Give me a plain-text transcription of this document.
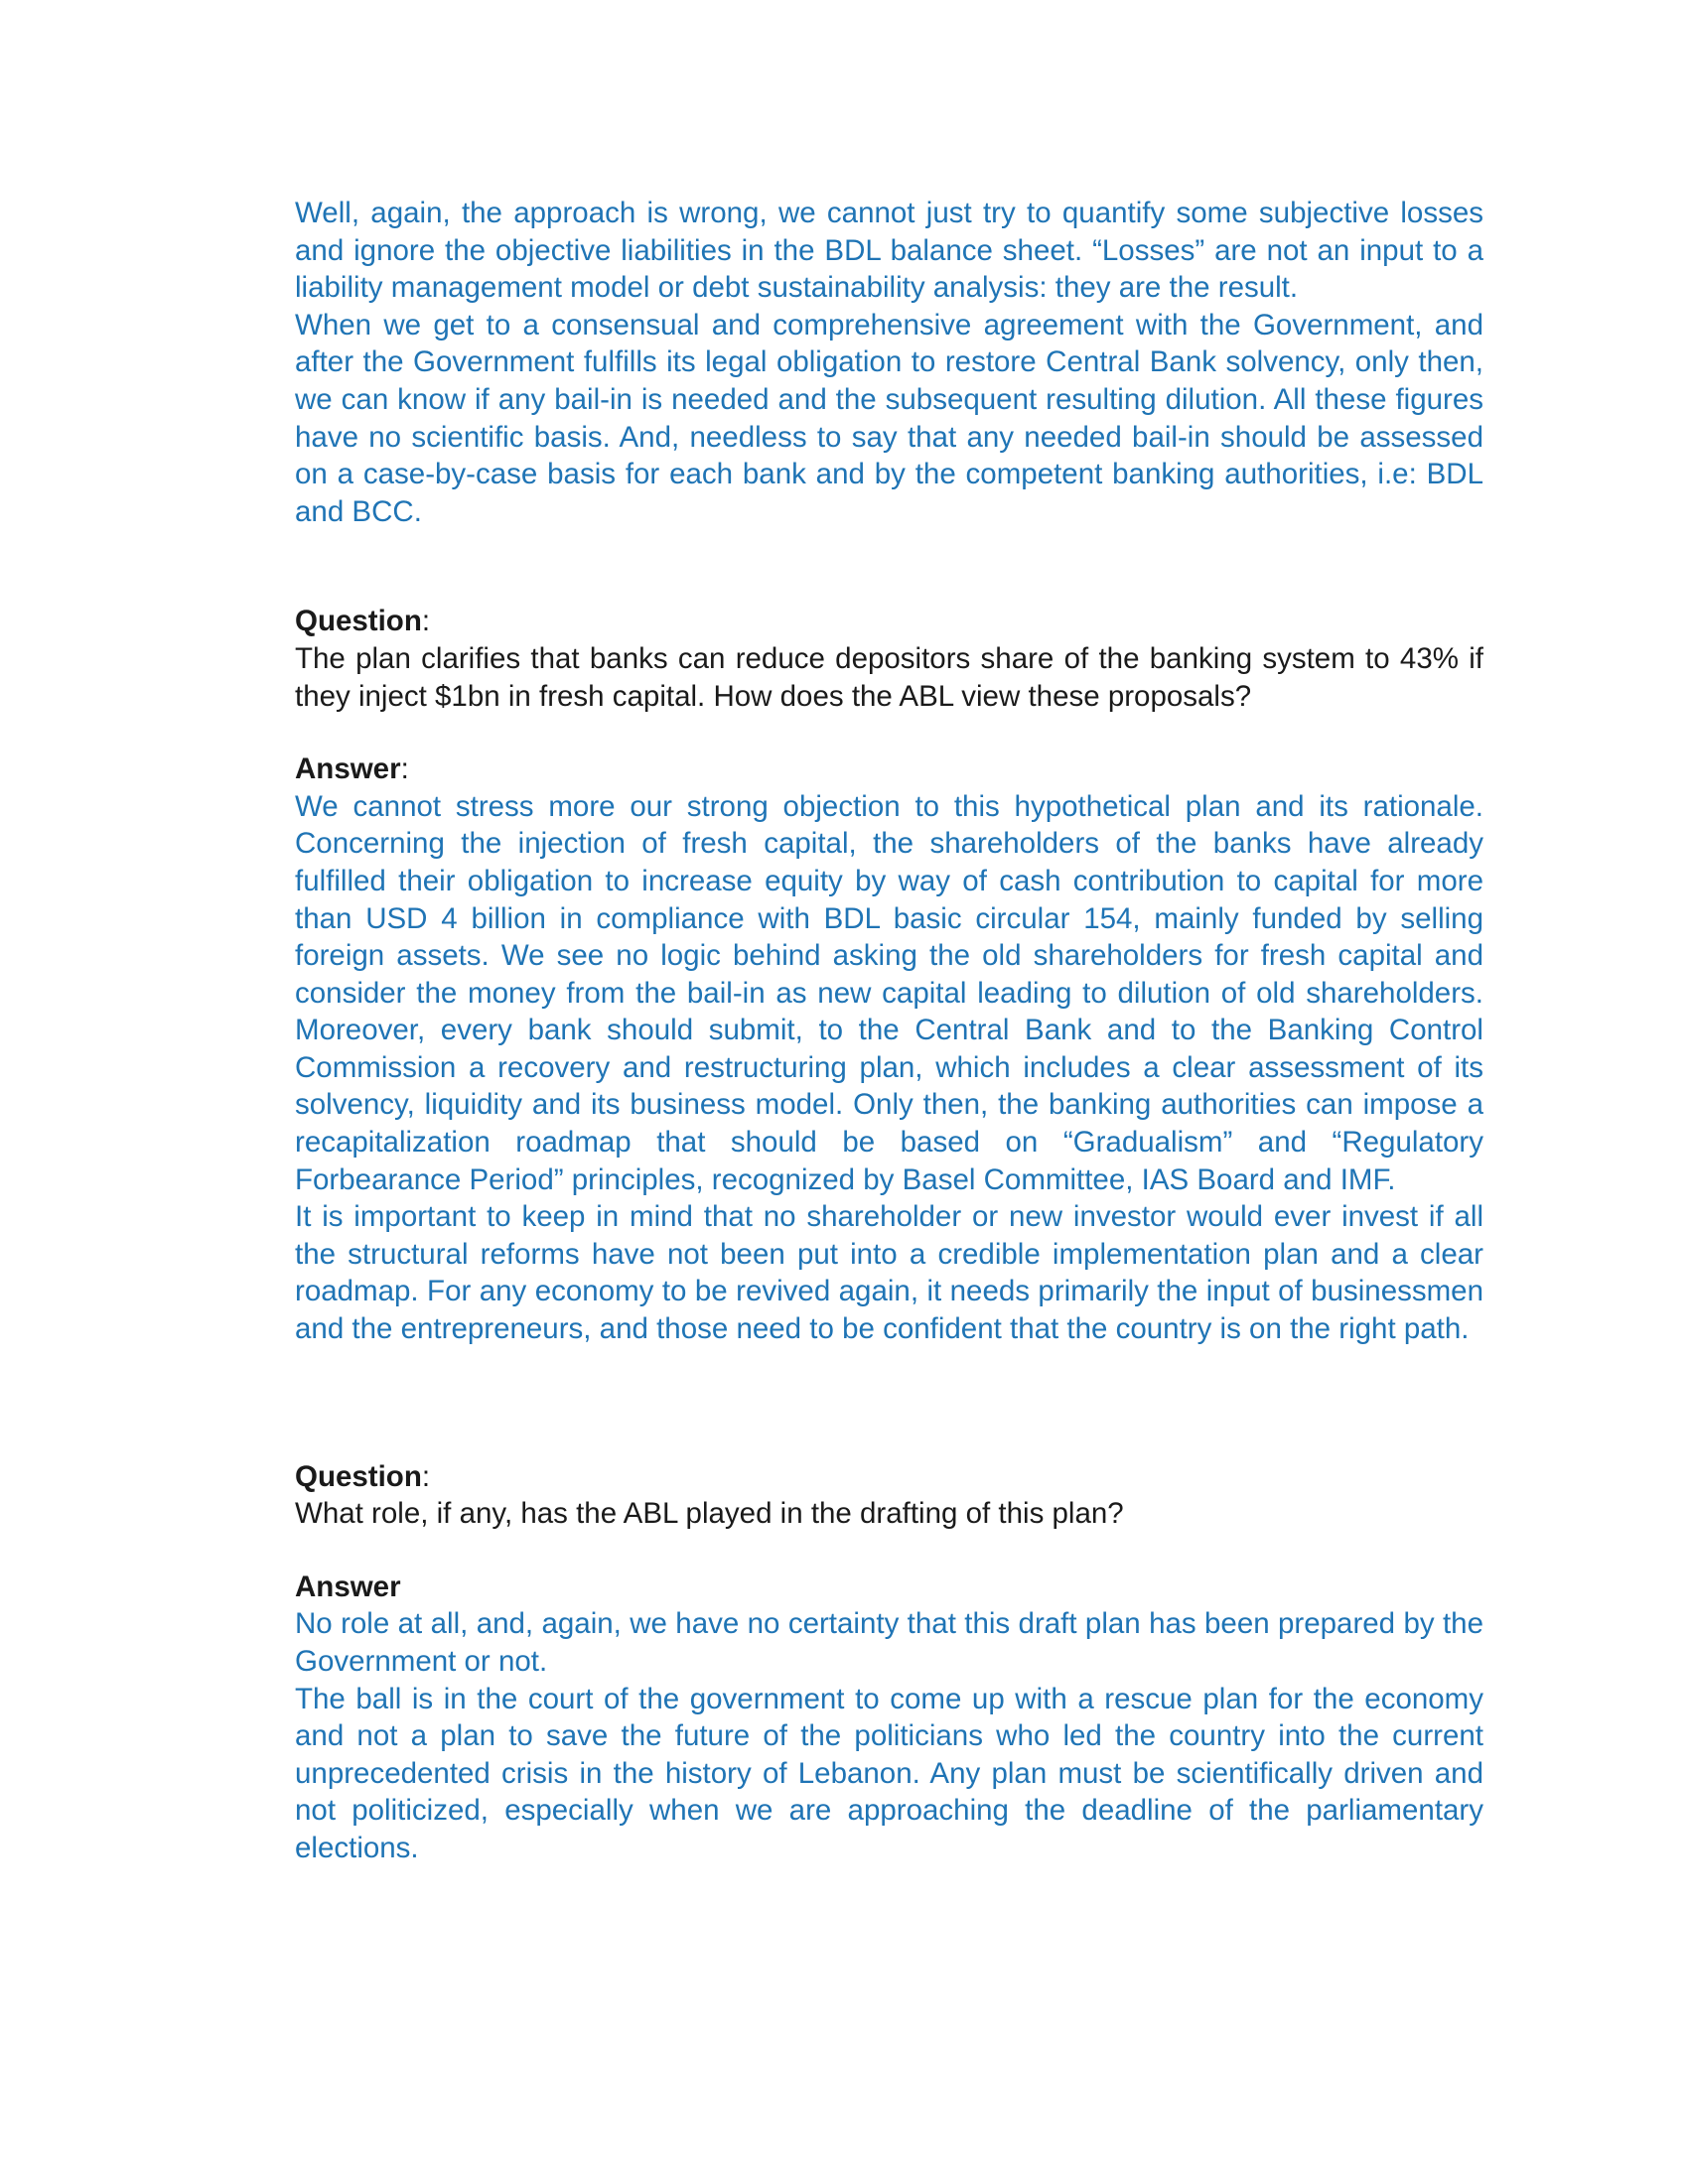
Well, again, the approach is wrong, we cannot just try to quantify some subjective losses and ignore the objective liabilities in the BDL balance sheet. “Losses” are not an input to a liability management model or debt sustainability analysis: they are the result.

When we get to a consensual and comprehensive agreement with the Government, and after the Government fulfills its legal obligation to restore Central Bank solvency, only then, we can know if any bail-in is needed and the subsequent resulting dilution. All these figures have no scientific basis. And, needless to say that any needed bail-in should be assessed on a case-by-case basis for each bank and by the competent banking authorities, i.e: BDL and BCC.

Question:

The plan clarifies that banks can reduce depositors share of the banking system to 43% if they inject $1bn in fresh capital. How does the ABL view these proposals?

Answer:

We cannot stress more our strong objection to this hypothetical plan and its rationale. Concerning the injection of fresh capital, the shareholders of the banks have already fulfilled their obligation to increase equity by way of cash contribution to capital for more than USD 4 billion in compliance with BDL basic circular 154, mainly funded by selling foreign assets. We see no logic behind asking the old shareholders for fresh capital and consider the money from the bail-in as new capital leading to dilution of old shareholders. Moreover, every bank should submit, to the Central Bank and to the Banking Control Commission a recovery and restructuring plan, which includes a clear assessment of its solvency, liquidity and its business model. Only then, the banking authorities can impose a recapitalization roadmap that should be based on “Gradualism” and “Regulatory Forbearance Period” principles, recognized by Basel Committee, IAS Board and IMF.

It is important to keep in mind that no shareholder or new investor would ever invest if all the structural reforms have not been put into a credible implementation plan and a clear roadmap. For any economy to be revived again, it needs primarily the input of businessmen and the entrepreneurs, and those need to be confident that the country is on the right path.

Question:

What role, if any, has the ABL played in the drafting of this plan?

Answer

No role at all, and, again, we have no certainty that this draft plan has been prepared by the Government or not.

The ball is in the court of the government to come up with a rescue plan for the economy and not a plan to save the future of the politicians who led the country into the current unprecedented crisis in the history of Lebanon. Any plan must be scientifically driven and not politicized, especially when we are approaching the deadline of the parliamentary elections.
